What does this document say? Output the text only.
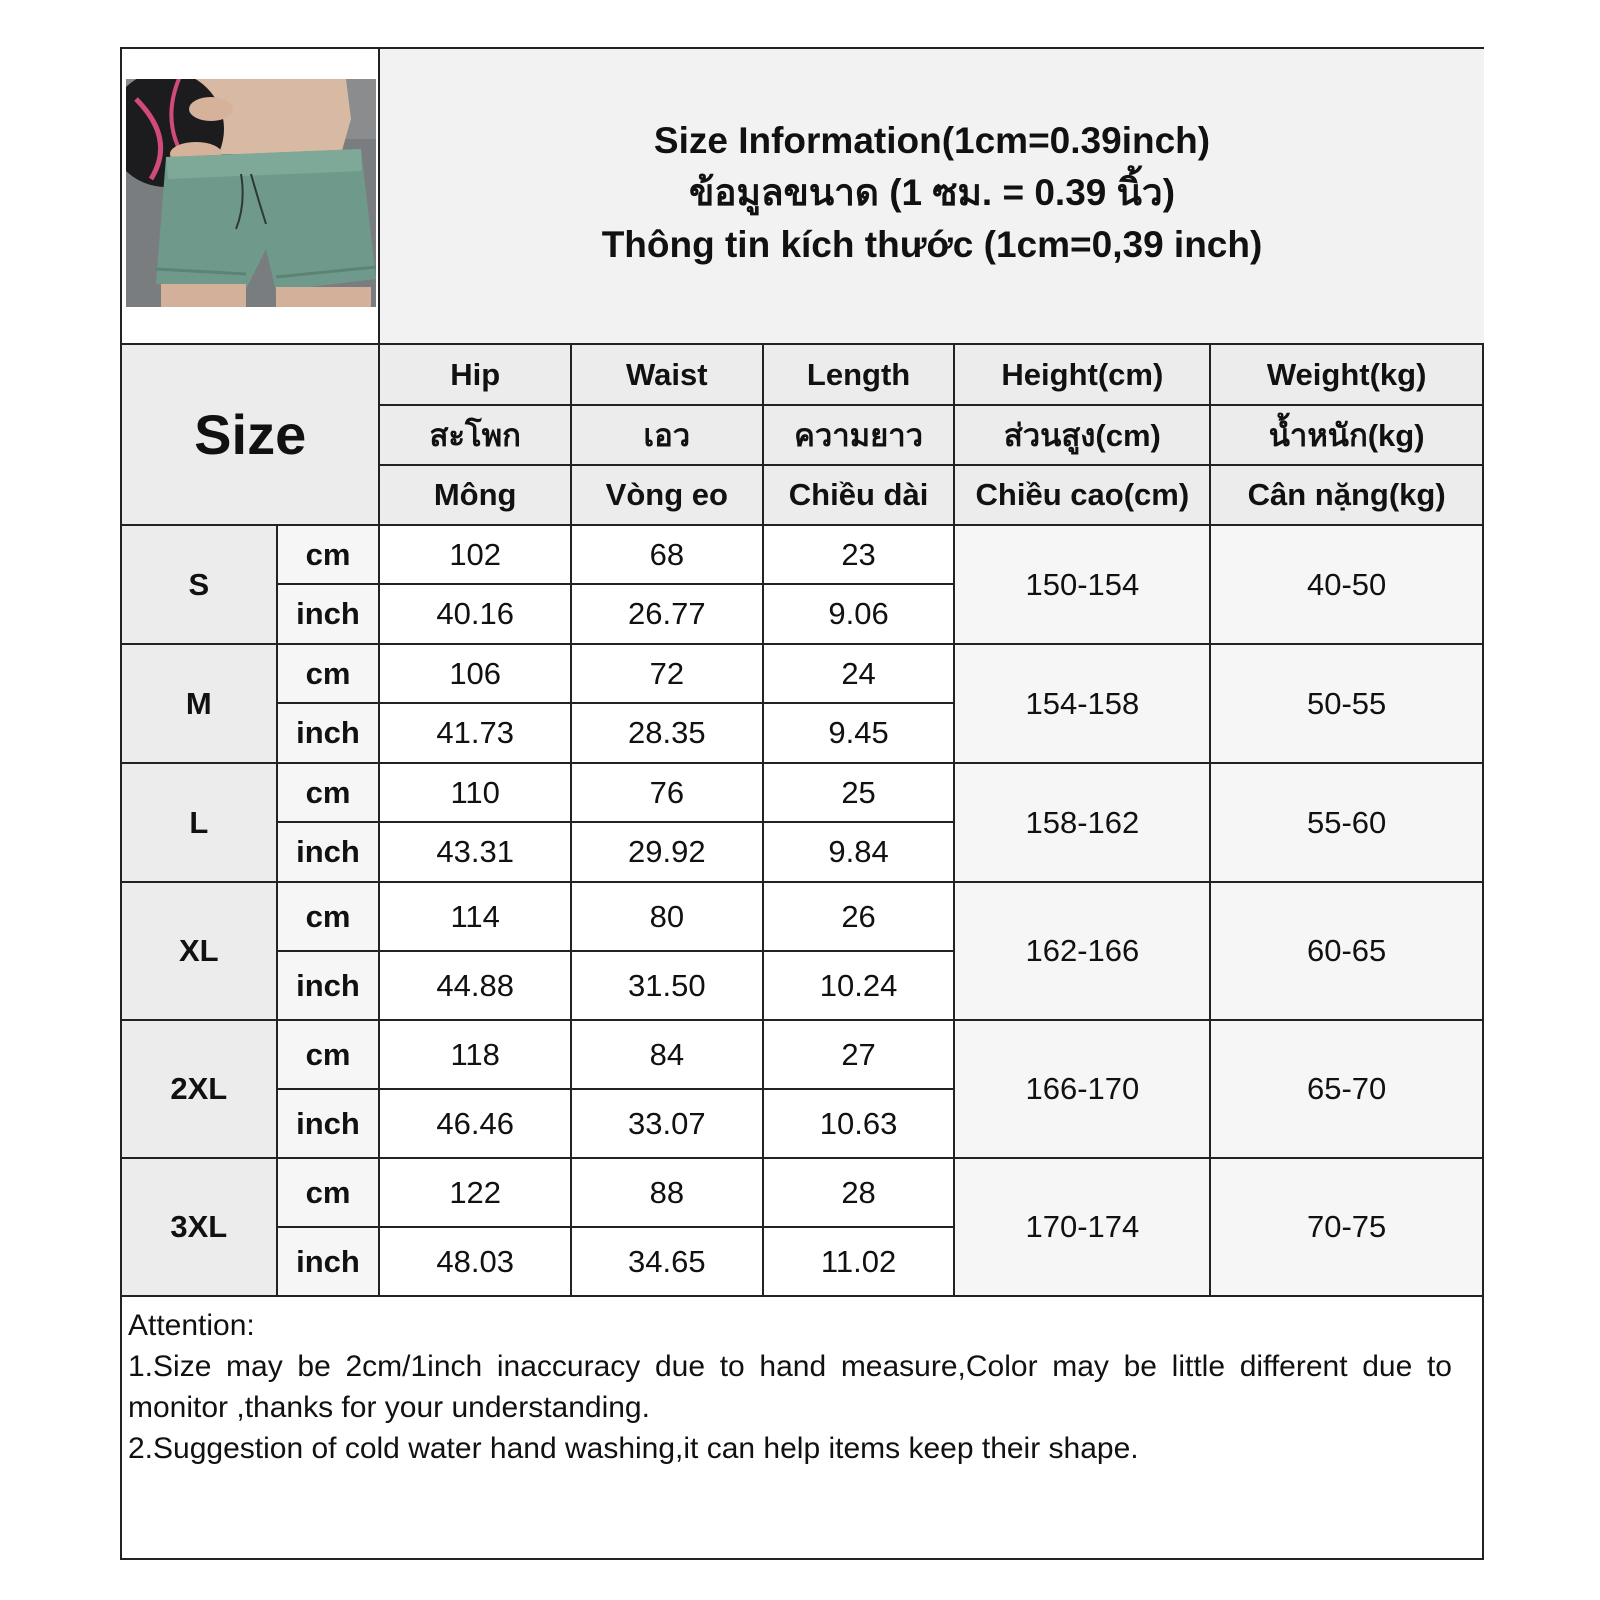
Size Information(1cm=0.39inch)
ข้อมูลขนาด (1 ซม. = 0.39 นิ้ว)
Thông tin kích thước (1cm=0,39 inch)
Size		Hip	Waist	Length	Height(cm)	Weight(kg)
		สะโพก	เอว	ความยาว	ส่วนสูง(cm)	น้ำหนัก(kg)
		Mông	Vòng eo	Chiều dài	Chiều cao(cm)	Cân nặng(kg)
S	cm	102	68	23	150-154	40-50
	inch	40.16	26.77	9.06		
M	cm	106	72	24	154-158	50-55
	inch	41.73	28.35	9.45		
L	cm	110	76	25	158-162	55-60
	inch	43.31	29.92	9.84		
XL	cm	114	80	26	162-166	60-65
	inch	44.88	31.50	10.24		
2XL	cm	118	84	27	166-170	65-70
	inch	46.46	33.07	10.63		
3XL	cm	122	88	28	170-174	70-75
	inch	48.03	34.65	11.02		
Attention:
1.Size may be 2cm/1inch inaccuracy due to hand measure,Color may be little different due to monitor ,thanks for your understanding.
2.Suggestion of cold water hand washing,it can help items keep their shape.
